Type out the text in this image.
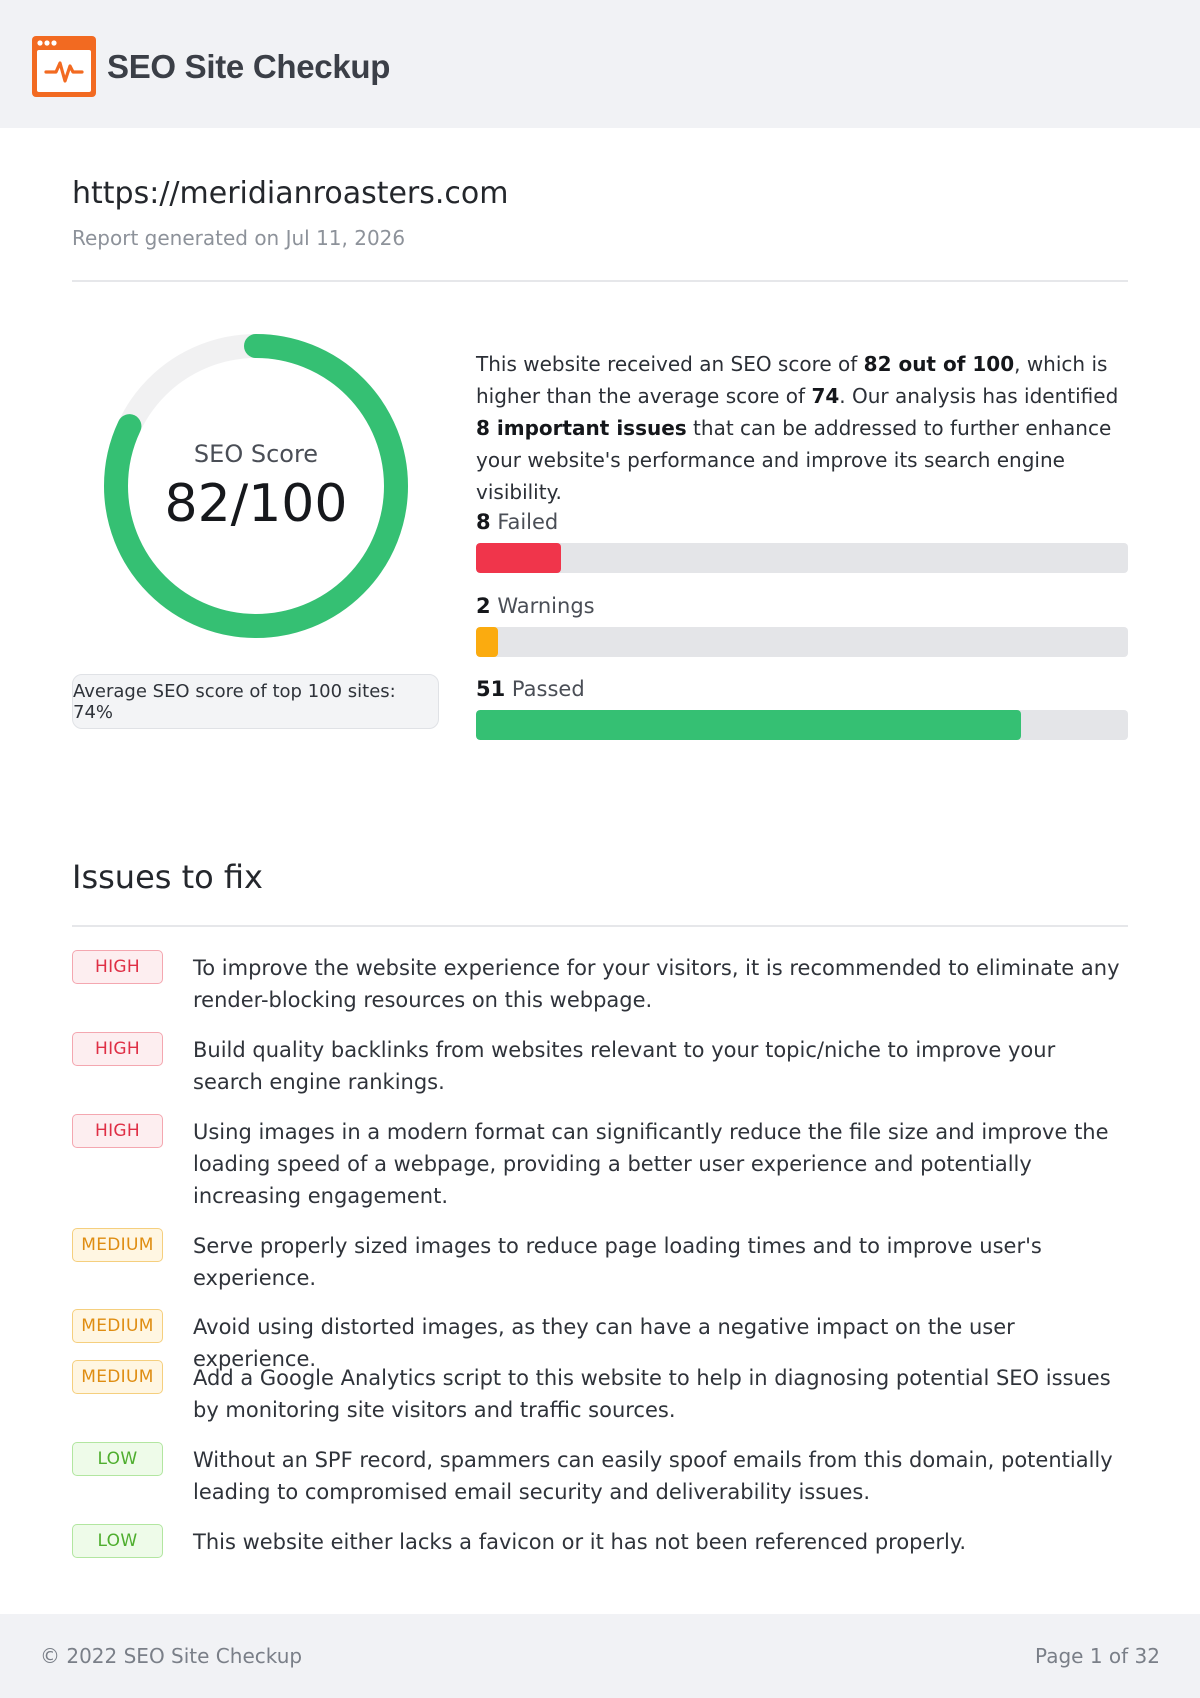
SEO Site Checkup
https://meridianroasters.com
Report generated on Jul 11, 2026
SEO Score
82/100
Average SEO score of top 100 sites: 74%

This website received an SEO score of 82 out of 100, which is higher than the average score of 74. Our analysis has identified 8 important issues that can be addressed to further enhance your website's performance and improve its search engine visibility.

8 Failed
2 Warnings
51 Passed
Issues to fix
HIGH	To improve the website experience for your visitors, it is recommended to eliminate any render-blocking resources on this webpage.
HIGH	Build quality backlinks from websites relevant to your topic/niche to improve your search engine rankings.
HIGH	Using images in a modern format can significantly reduce the file size and improve the loading speed of a webpage, providing a better user experience and potentially increasing engagement.
MEDIUM	Serve properly sized images to reduce page loading times and to improve user's experience.
MEDIUM	Avoid using distorted images, as they can have a negative impact on the user experience.
MEDIUM	Add a Google Analytics script to this website to help in diagnosing potential SEO issues by monitoring site visitors and traffic sources.
LOW	Without an SPF record, spammers can easily spoof emails from this domain, potentially leading to compromised email security and deliverability issues.
LOW	This website either lacks a favicon or it has not been referenced properly.
© 2022 SEO Site Checkup	Page 1 of 32
